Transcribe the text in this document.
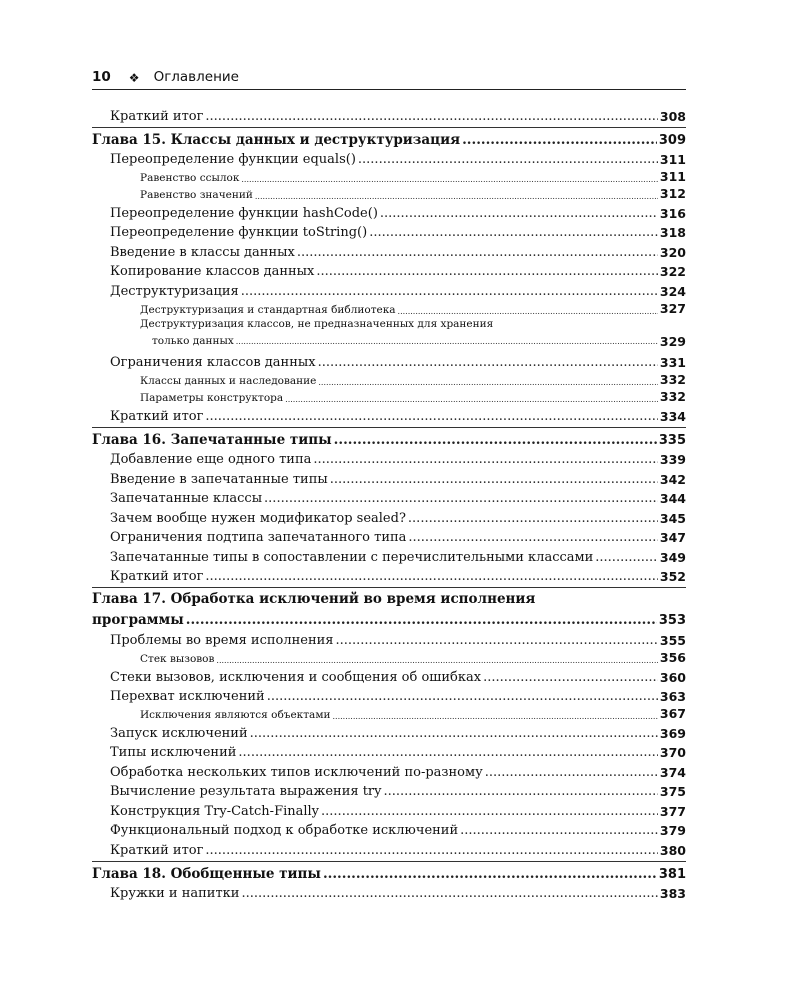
10 ❖ Оглавление
Краткий итог .....	308
Глава 15. Классы данных и деструктуризация .....	309
Переопределение функции equals() .....	311
Равенство ссылок .....	311
Равенство значений .....	312
Переопределение функции hashCode() .....	316
Переопределение функции toString() .....	318
Введение в классы данных .....	320
Копирование классов данных .....	322
Деструктуризация .....	324
Деструктуризация и стандартная библиотека .....	327
Деструктуризация классов, не предназначенных для хранения
только данных .....	329
Ограничения классов данных .....	331
Классы данных и наследование .....	332
Параметры конструктора .....	332
Краткий итог .....	334
Глава 16. Запечатанные типы .....	335
Добавление еще одного типа .....	339
Введение в запечатанные типы .....	342
Запечатанные классы .....	344
Зачем вообще нужен модификатор sealed? .....	345
Ограничения подтипа запечатанного типа .....	347
Запечатанные типы в сопоставлении с перечислительными классами .....	349
Краткий итог .....	352
Глава 17. Обработка исключений во время исполнения
программы .....	353
Проблемы во время исполнения .....	355
Стек вызовов .....	356
Стеки вызовов, исключения и сообщения об ошибках .....	360
Перехват исключений .....	363
Исключения являются объектами .....	367
Запуск исключений .....	369
Типы исключений .....	370
Обработка нескольких типов исключений по-разному .....	374
Вычисление результата выражения try .....	375
Конструкция Try-Catch-Finally .....	377
Функциональный подход к обработке исключений .....	379
Краткий итог .....	380
Глава 18. Обобщенные типы .....	381
Кружки и напитки .....	383
